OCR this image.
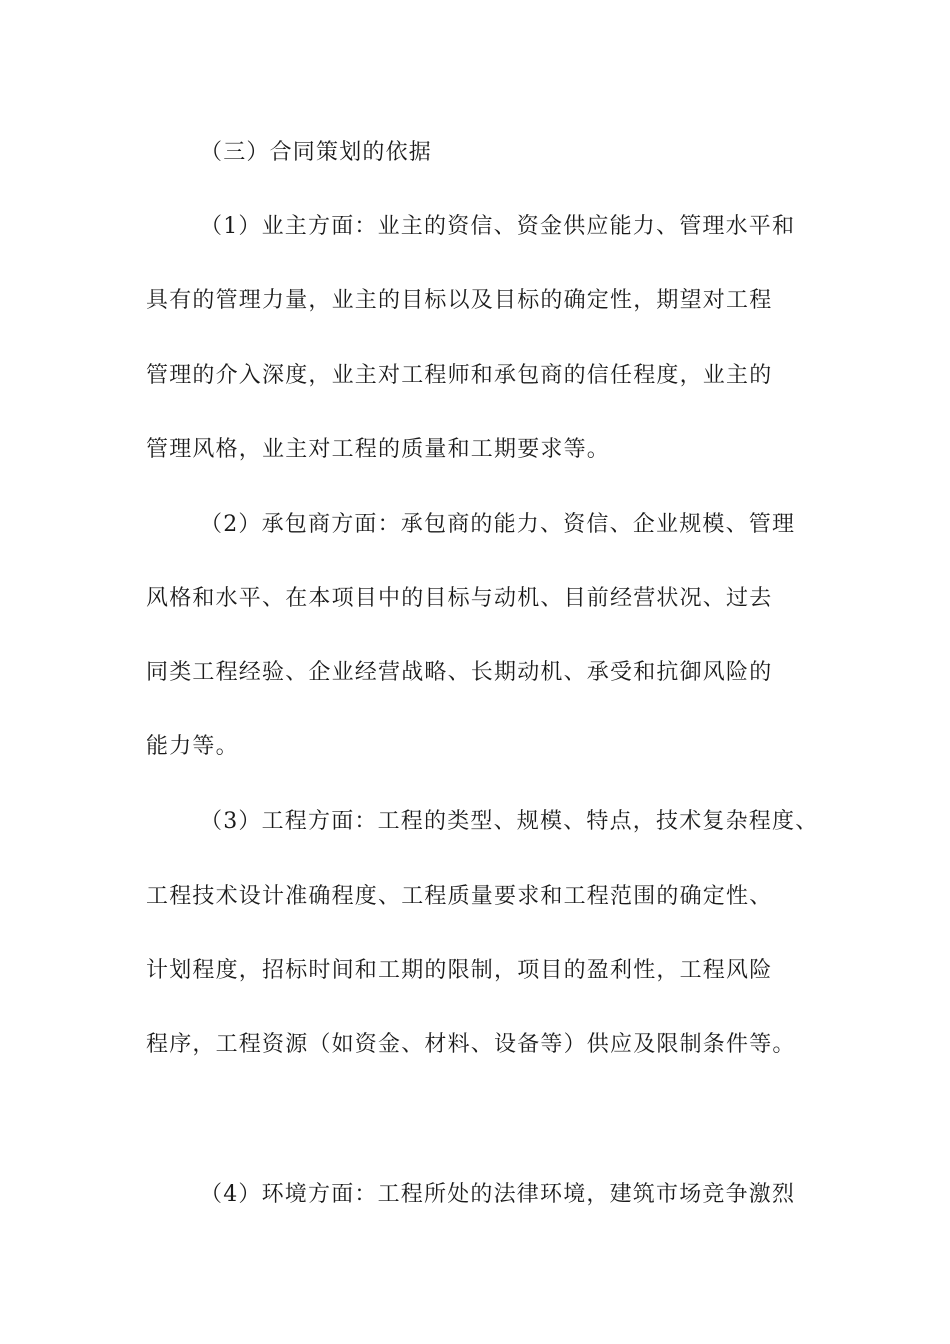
（三）合同策划的依据
（1）业主方面：业主的资信、资金供应能力、管理水平和
具有的管理力量，业主的目标以及目标的确定性，期望对工程
管理的介入深度，业主对工程师和承包商的信任程度，业主的
管理风格，业主对工程的质量和工期要求等。
（2）承包商方面：承包商的能力、资信、企业规模、管理
风格和水平、在本项目中的目标与动机、目前经营状况、过去
同类工程经验、企业经营战略、长期动机、承受和抗御风险的
能力等。
（3）工程方面：工程的类型、规模、特点，技术复杂程度、
工程技术设计准确程度、工程质量要求和工程范围的确定性、
计划程度，招标时间和工期的限制，项目的盈利性，工程风险
程序，工程资源（如资金、材料、设备等）供应及限制条件等。
（4）环境方面：工程所处的法律环境，建筑市场竞争激烈
